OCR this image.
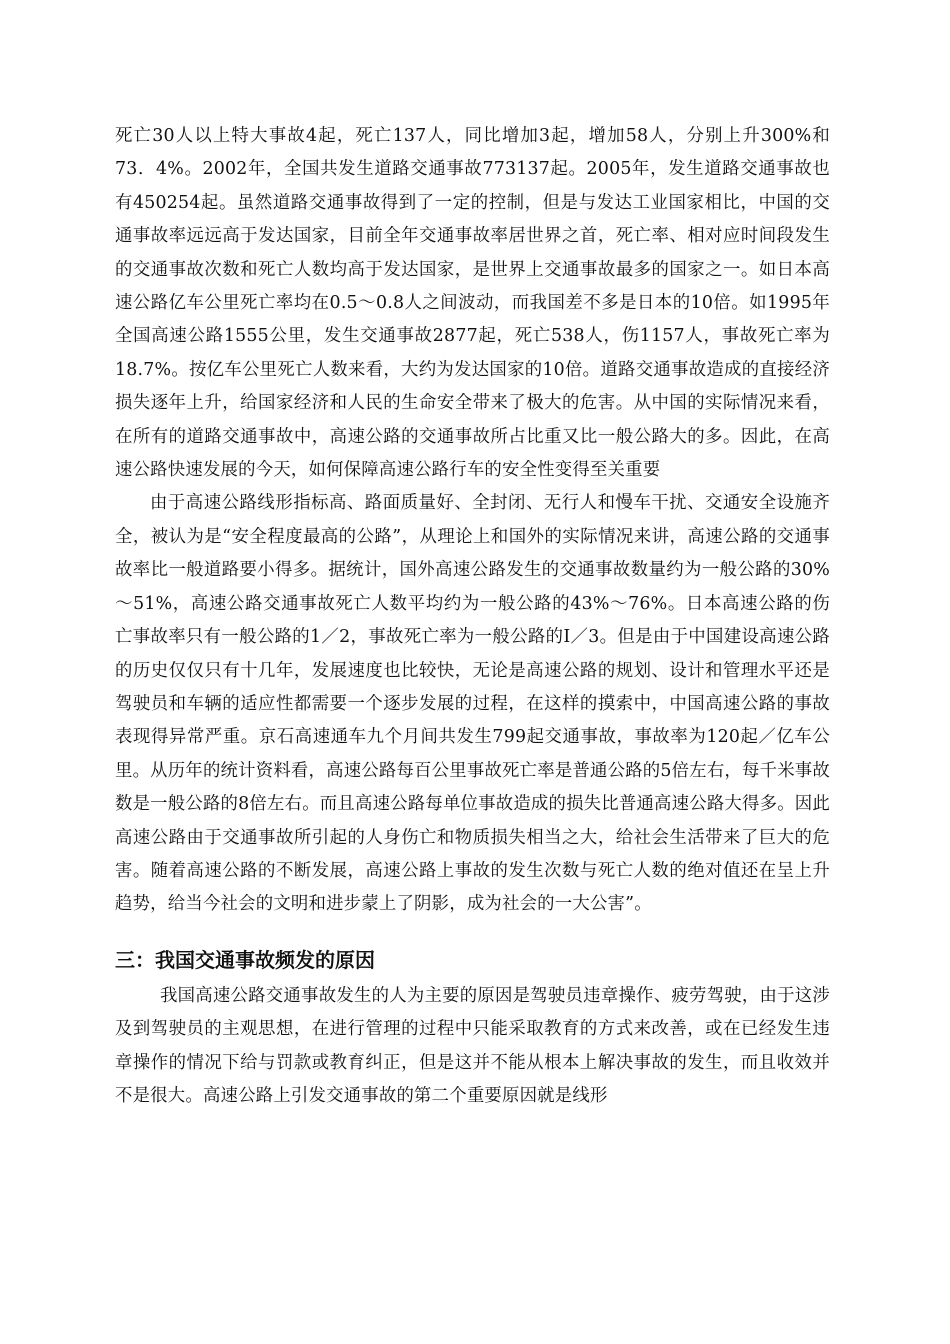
死亡30人以上特大事故4起，死亡137人，同比增加3起，增加58人，分别上升300%和73．4%。2002年，全国共发生道路交通事故773137起。2005年，发生道路交通事故也有450254起。虽然道路交通事故得到了一定的控制，但是与发达工业国家相比，中国的交通事故率远远高于发达国家，目前全年交通事故率居世界之首，死亡率、相对应时间段发生的交通事故次数和死亡人数均高于发达国家，是世界上交通事故最多的国家之一。如日本高速公路亿车公里死亡率均在0.5～0.8人之间波动，而我国差不多是日本的10倍。如1995年全国高速公路1555公里，发生交通事故2877起，死亡538人，伤1157人，事故死亡率为18.7%。按亿车公里死亡人数来看，大约为发达国家的10倍。道路交通事故造成的直接经济损失逐年上升，给国家经济和人民的生命安全带来了极大的危害。从中国的实际情况来看，在所有的道路交通事故中，高速公路的交通事故所占比重又比一般公路大的多。因此，在高速公路快速发展的今天，如何保障高速公路行车的安全性变得至关重要

由于高速公路线形指标高、路面质量好、全封闭、无行人和慢车干扰、交通安全设施齐全，被认为是“安全程度最高的公路”，从理论上和国外的实际情况来讲，高速公路的交通事故率比一般道路要小得多。据统计，国外高速公路发生的交通事故数量约为一般公路的30%～51%，高速公路交通事故死亡人数平均约为一般公路的43%～76%。日本高速公路的伤亡事故率只有一般公路的1／2，事故死亡率为一般公路的I／3。但是由于中国建设高速公路的历史仅仅只有十几年，发展速度也比较快，无论是高速公路的规划、设计和管理水平还是驾驶员和车辆的适应性都需要一个逐步发展的过程，在这样的摸索中，中国高速公路的事故表现得异常严重。京石高速通车九个月间共发生799起交通事故，事故率为120起／亿车公里。从历年的统计资料看，高速公路每百公里事故死亡率是普通公路的5倍左右，每千米事故数是一般公路的8倍左右。而且高速公路每单位事故造成的损失比普通高速公路大得多。因此高速公路由于交通事故所引起的人身伤亡和物质损失相当之大，给社会生活带来了巨大的危害。随着高速公路的不断发展，高速公路上事故的发生次数与死亡人数的绝对值还在呈上升趋势，给当今社会的文明和进步蒙上了阴影，成为社会的一大公害”。

三：我国交通事故频发的原因

我国高速公路交通事故发生的人为主要的原因是驾驶员违章操作、疲劳驾驶，由于这涉及到驾驶员的主观思想，在进行管理的过程中只能采取教育的方式来改善，或在已经发生违章操作的情况下给与罚款或教育纠正，但是这并不能从根本上解决事故的发生，而且收效并不是很大。高速公路上引发交通事故的第二个重要原因就是线形
